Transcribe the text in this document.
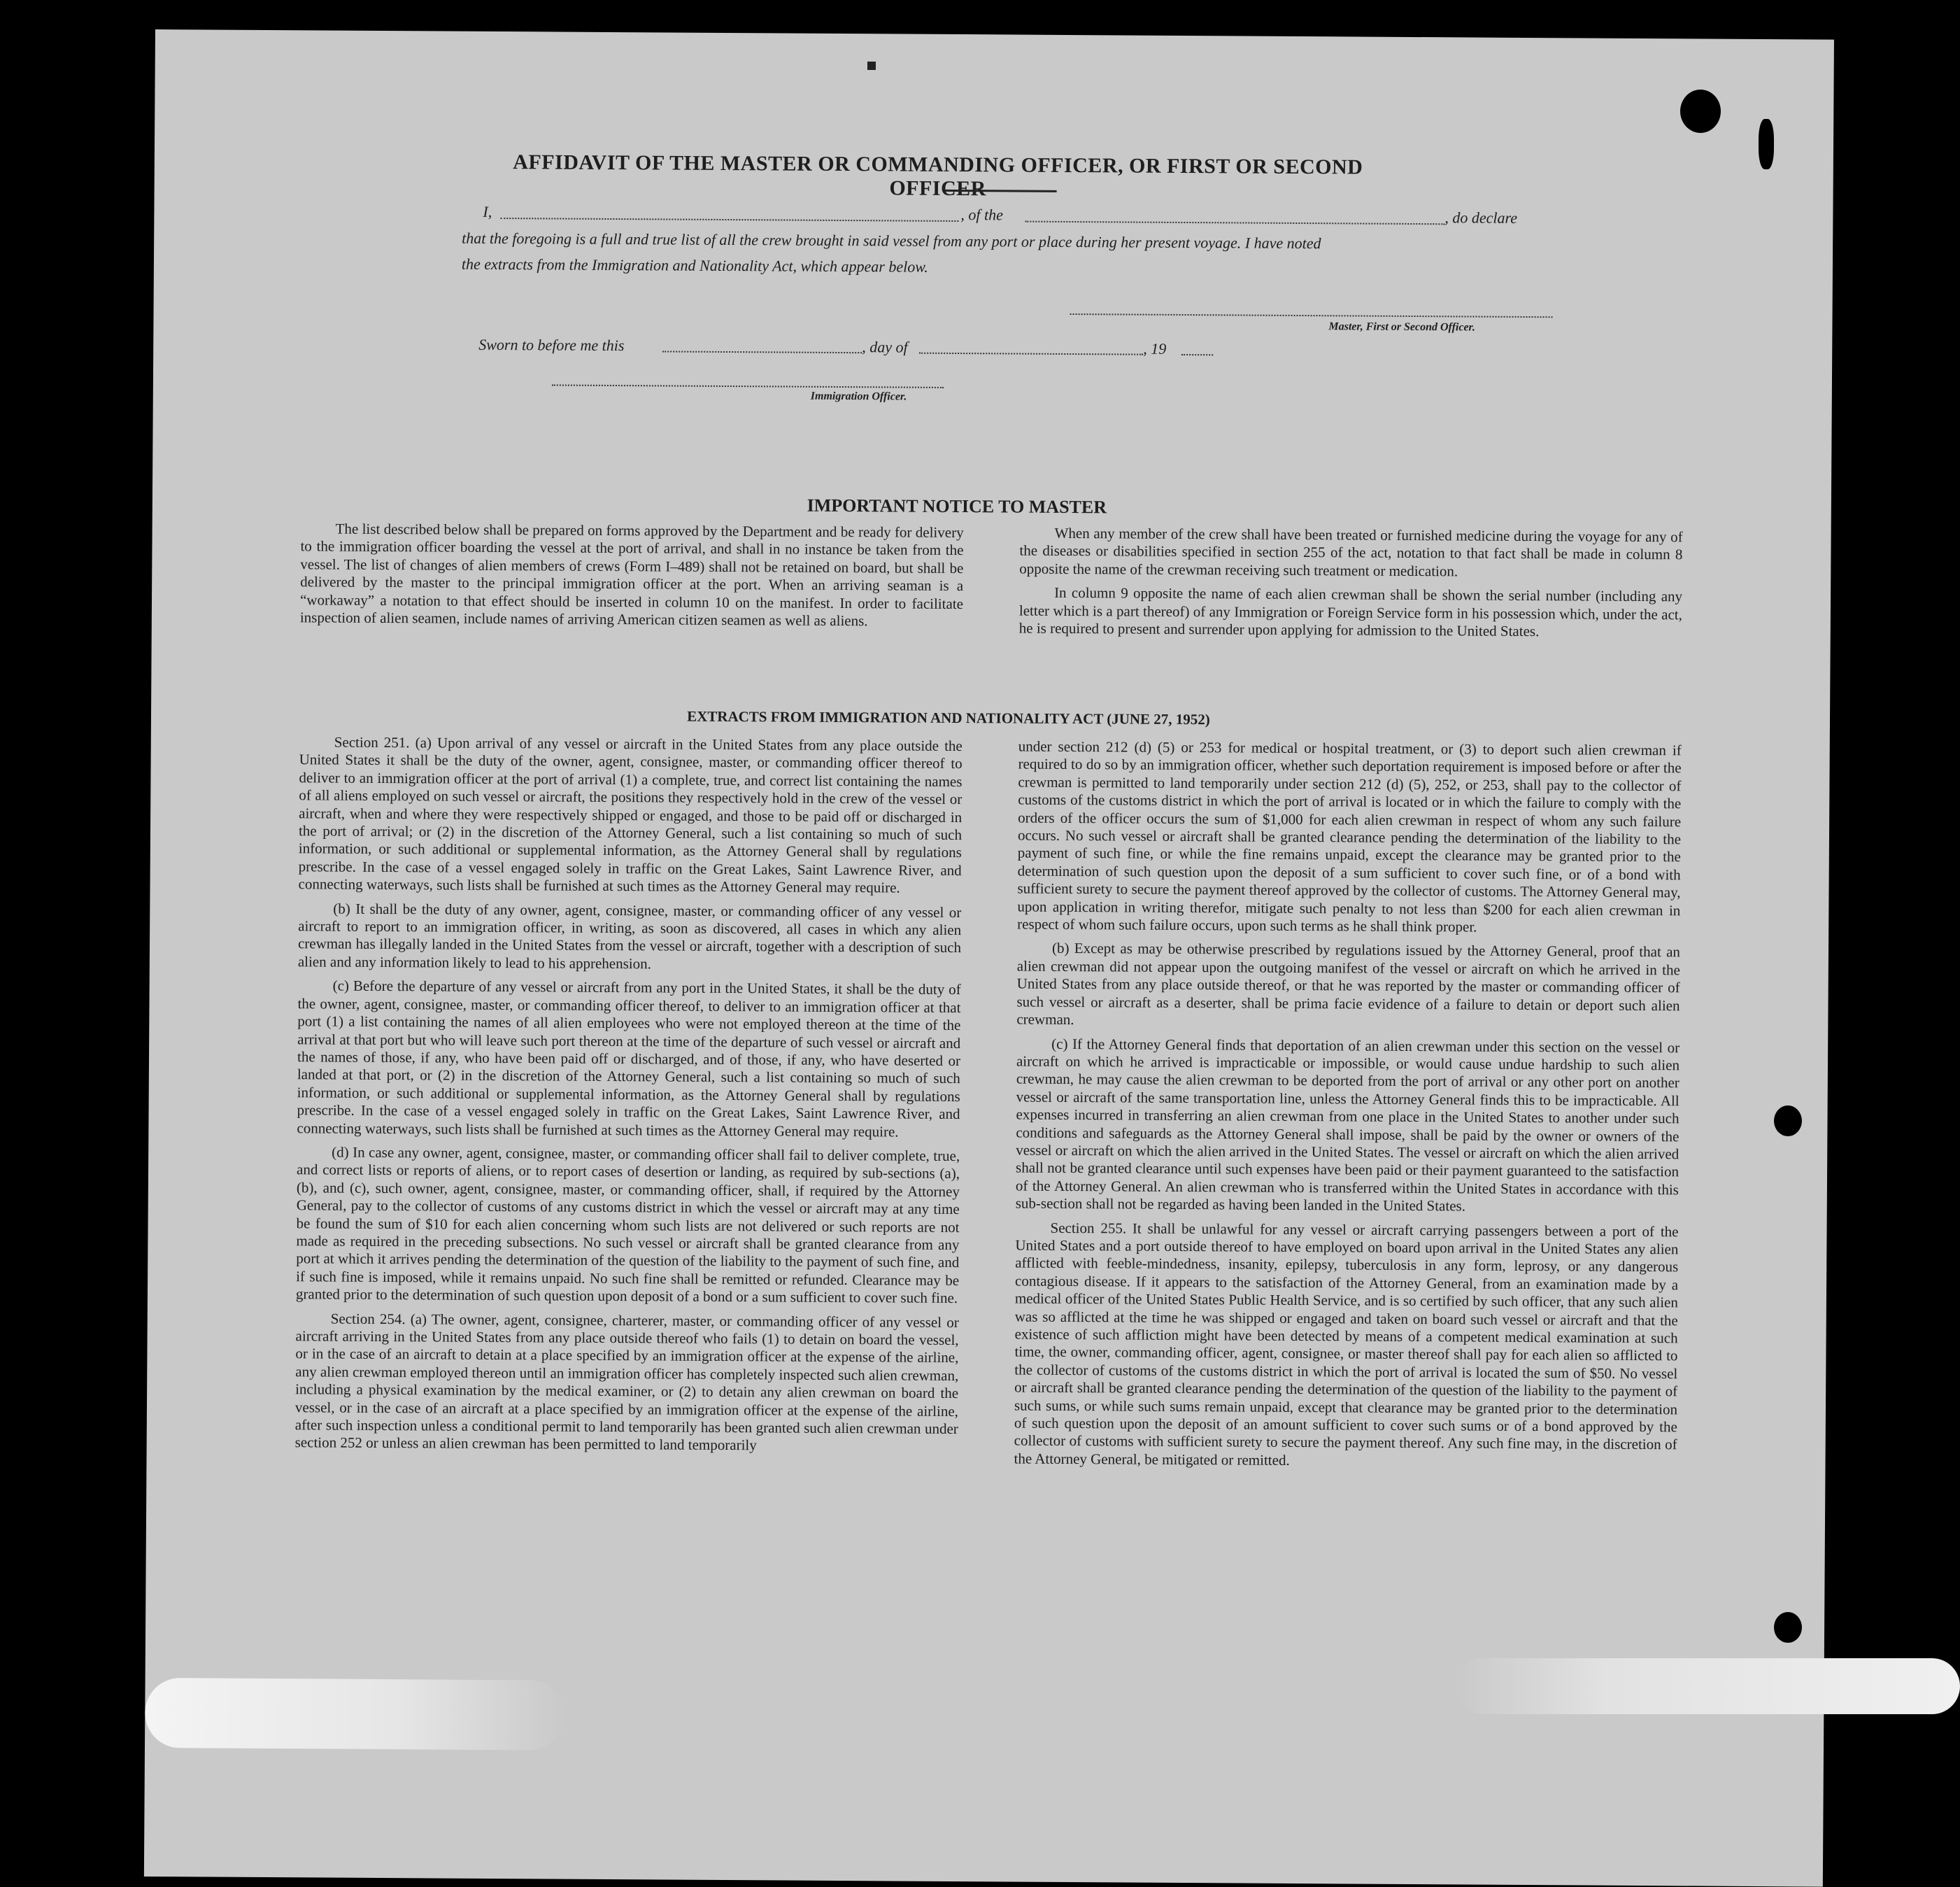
AFFIDAVIT OF THE MASTER OR COMMANDING OFFICER, OR FIRST OR SECOND OFFICER
I,	, of the	, do declare
that the foregoing is a full and true list of all the crew brought in said vessel from any port or place during her present voyage. I have noted
the extracts from the Immigration and Nationality Act, which appear below.
Master, First or Second Officer.
Sworn to before me this	, day of	, 19
Immigration Officer.
IMPORTANT NOTICE TO MASTER

The list described below shall be prepared on forms approved by the Department and be ready for delivery to the immigration officer boarding the vessel at the port of arrival, and shall in no instance be taken from the vessel. The list of changes of alien members of crews (Form I–489) shall not be retained on board, but shall be delivered by the master to the principal immigration officer at the port. When an arriving seaman is a “workaway” a notation to that effect should be inserted in column 10 on the manifest. In order to facilitate inspection of alien seamen, include names of arriving American citizen seamen as well as aliens.

When any member of the crew shall have been treated or furnished medicine during the voyage for any of the diseases or disabilities specified in section 255 of the act, notation to that fact shall be made in column 8 opposite the name of the crewman receiving such treatment or medication.

In column 9 opposite the name of each alien crewman shall be shown the serial number (including any letter which is a part thereof) of any Immigration or Foreign Service form in his possession which, under the act, he is required to present and surrender upon applying for admission to the United States.

EXTRACTS FROM IMMIGRATION AND NATIONALITY ACT (JUNE 27, 1952)

Section 251. (a) Upon arrival of any vessel or aircraft in the United States from any place outside the United States it shall be the duty of the owner, agent, consignee, master, or commanding officer thereof to deliver to an immigration officer at the port of arrival (1) a complete, true, and correct list containing the names of all aliens employed on such vessel or aircraft, the positions they respectively hold in the crew of the vessel or aircraft, when and where they were respectively shipped or engaged, and those to be paid off or discharged in the port of arrival; or (2) in the discretion of the Attorney General, such a list containing so much of such information, or such additional or supplemental information, as the Attorney General shall by regulations prescribe. In the case of a vessel engaged solely in traffic on the Great Lakes, Saint Lawrence River, and connecting waterways, such lists shall be furnished at such times as the Attorney General may require.

(b) It shall be the duty of any owner, agent, consignee, master, or commanding officer of any vessel or aircraft to report to an immigration officer, in writing, as soon as discovered, all cases in which any alien crewman has illegally landed in the United States from the vessel or aircraft, together with a description of such alien and any information likely to lead to his apprehension.

(c) Before the departure of any vessel or aircraft from any port in the United States, it shall be the duty of the owner, agent, consignee, master, or commanding officer thereof, to deliver to an immigration officer at that port (1) a list containing the names of all alien employees who were not employed thereon at the time of the arrival at that port but who will leave such port thereon at the time of the departure of such vessel or aircraft and the names of those, if any, who have been paid off or discharged, and of those, if any, who have deserted or landed at that port, or (2) in the discretion of the Attorney General, such a list containing so much of such information, or such additional or supplemental information, as the Attorney General shall by regulations prescribe. In the case of a vessel engaged solely in traffic on the Great Lakes, Saint Lawrence River, and connecting waterways, such lists shall be furnished at such times as the Attorney General may require.

(d) In case any owner, agent, consignee, master, or commanding officer shall fail to deliver complete, true, and correct lists or reports of aliens, or to report cases of desertion or landing, as required by sub-sections (a), (b), and (c), such owner, agent, consignee, master, or commanding officer, shall, if required by the Attorney General, pay to the collector of customs of any customs district in which the vessel or aircraft may at any time be found the sum of $10 for each alien concerning whom such lists are not delivered or such reports are not made as required in the preceding subsections. No such vessel or aircraft shall be granted clearance from any port at which it arrives pending the determination of the question of the liability to the payment of such fine, and if such fine is imposed, while it remains unpaid. No such fine shall be remitted or refunded. Clearance may be granted prior to the determination of such question upon deposit of a bond or a sum sufficient to cover such fine.

Section 254. (a) The owner, agent, consignee, charterer, master, or commanding officer of any vessel or aircraft arriving in the United States from any place outside thereof who fails (1) to detain on board the vessel, or in the case of an aircraft to detain at a place specified by an immigration officer at the expense of the airline, any alien crewman employed thereon until an immigration officer has completely inspected such alien crewman, including a physical examination by the medical examiner, or (2) to detain any alien crewman on board the vessel, or in the case of an aircraft at a place specified by an immigration officer at the expense of the airline, after such inspection unless a conditional permit to land temporarily has been granted such alien crewman under section 252 or unless an alien crewman has been permitted to land temporarily

under section 212 (d) (5) or 253 for medical or hospital treatment, or (3) to deport such alien crewman if required to do so by an immigration officer, whether such deportation requirement is imposed before or after the crewman is permitted to land temporarily under section 212 (d) (5), 252, or 253, shall pay to the collector of customs of the customs district in which the port of arrival is located or in which the failure to comply with the orders of the officer occurs the sum of $1,000 for each alien crewman in respect of whom any such failure occurs. No such vessel or aircraft shall be granted clearance pending the determination of the liability to the payment of such fine, or while the fine remains unpaid, except the clearance may be granted prior to the determination of such question upon the deposit of a sum sufficient to cover such fine, or of a bond with sufficient surety to secure the payment thereof approved by the collector of customs. The Attorney General may, upon application in writing therefor, mitigate such penalty to not less than $200 for each alien crewman in respect of whom such failure occurs, upon such terms as he shall think proper.

(b) Except as may be otherwise prescribed by regulations issued by the Attorney General, proof that an alien crewman did not appear upon the outgoing manifest of the vessel or aircraft on which he arrived in the United States from any place outside thereof, or that he was reported by the master or commanding officer of such vessel or aircraft as a deserter, shall be prima facie evidence of a failure to detain or deport such alien crewman.

(c) If the Attorney General finds that deportation of an alien crewman under this section on the vessel or aircraft on which he arrived is impracticable or impossible, or would cause undue hardship to such alien crewman, he may cause the alien crewman to be deported from the port of arrival or any other port on another vessel or aircraft of the same transportation line, unless the Attorney General finds this to be impracticable. All expenses incurred in transferring an alien crewman from one place in the United States to another under such conditions and safeguards as the Attorney General shall impose, shall be paid by the owner or owners of the vessel or aircraft on which the alien arrived in the United States. The vessel or aircraft on which the alien arrived shall not be granted clearance until such expenses have been paid or their payment guaranteed to the satisfaction of the Attorney General. An alien crewman who is transferred within the United States in accordance with this sub-section shall not be regarded as having been landed in the United States.

Section 255. It shall be unlawful for any vessel or aircraft carrying passengers between a port of the United States and a port outside thereof to have employed on board upon arrival in the United States any alien afflicted with feeble-mindedness, insanity, epilepsy, tuberculosis in any form, leprosy, or any dangerous contagious disease. If it appears to the satisfaction of the Attorney General, from an examination made by a medical officer of the United States Public Health Service, and is so certified by such officer, that any such alien was so afflicted at the time he was shipped or engaged and taken on board such vessel or aircraft and that the existence of such affliction might have been detected by means of a competent medical examination at such time, the owner, commanding officer, agent, consignee, or master thereof shall pay for each alien so afflicted to the collector of customs of the customs district in which the port of arrival is located the sum of $50. No vessel or aircraft shall be granted clearance pending the determination of the question of the liability to the payment of such sums, or while such sums remain unpaid, except that clearance may be granted prior to the determination of such question upon the deposit of an amount sufficient to cover such sums or of a bond approved by the collector of customs with sufficient surety to secure the payment thereof. Any such fine may, in the discretion of the Attorney General, be mitigated or remitted.
